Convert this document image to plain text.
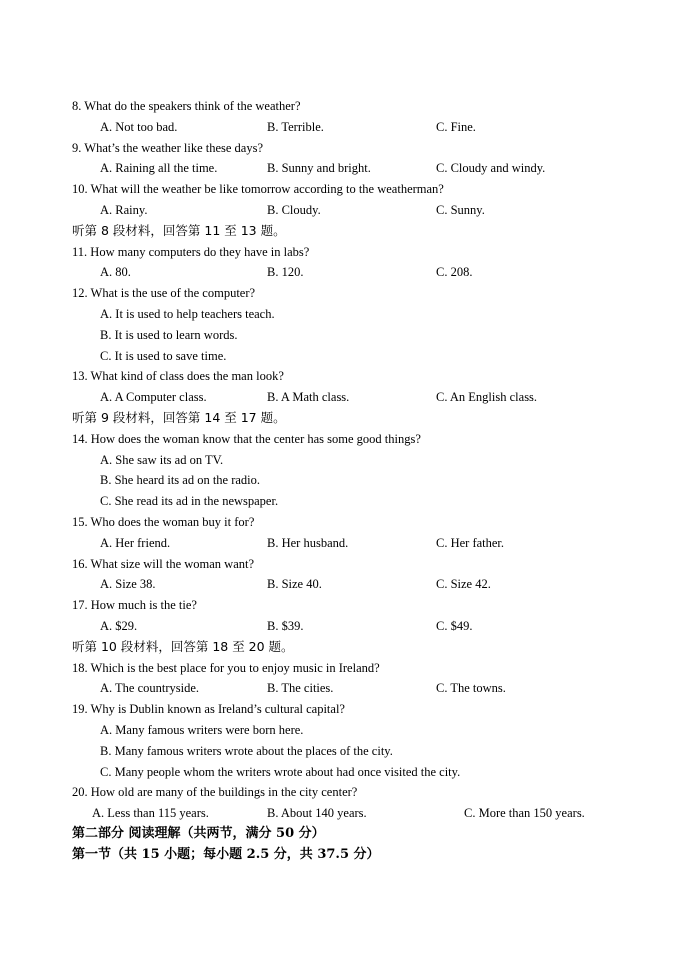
8. What do the speakers think of the weather?
A. Not too bad.	B. Terrible.	C. Fine.
9. What’s the weather like these days?
A. Raining all the time.	B. Sunny and bright.	C. Cloudy and windy.
10. What will the weather be like tomorrow according to the weatherman?
A. Rainy.	B. Cloudy.	C. Sunny.
听第 8 段材料，回答第 11 至 13 题。
11. How many computers do they have in labs?
A. 80.	B. 120.	C. 208.
12. What is the use of the computer?
A. It is used to help teachers teach.
B. It is used to learn words.
C. It is used to save time.
13. What kind of class does the man look?
A. A Computer class.	B. A Math class.	C. An English class.
听第 9 段材料，回答第 14 至 17 题。
14. How does the woman know that the center has some good things?
A. She saw its ad on TV.
B. She heard its ad on the radio.
C. She read its ad in the newspaper.
15. Who does the woman buy it for?
A. Her friend.	B. Her husband.	C. Her father.
16. What size will the woman want?
A. Size 38.	B. Size 40.	C. Size 42.
17. How much is the tie?
A. $29.	B. $39.	C. $49.
听第 10 段材料，回答第 18 至 20 题。
18. Which is the best place for you to enjoy music in Ireland?
A. The countryside.	B. The cities.	C. The towns.
19. Why is Dublin known as Ireland’s cultural capital?
A. Many famous writers were born here.
B. Many famous writers wrote about the places of the city.
C. Many people whom the writers wrote about had once visited the city.
20. How old are many of the buildings in the city center?
A. Less than 115 years.	B. About 140 years.	C. More than 150 years.
第二部分 阅读理解（共两节，满分 50 分）
第一节（共 15 小题；每小题 2.5 分，共 37.5 分）
